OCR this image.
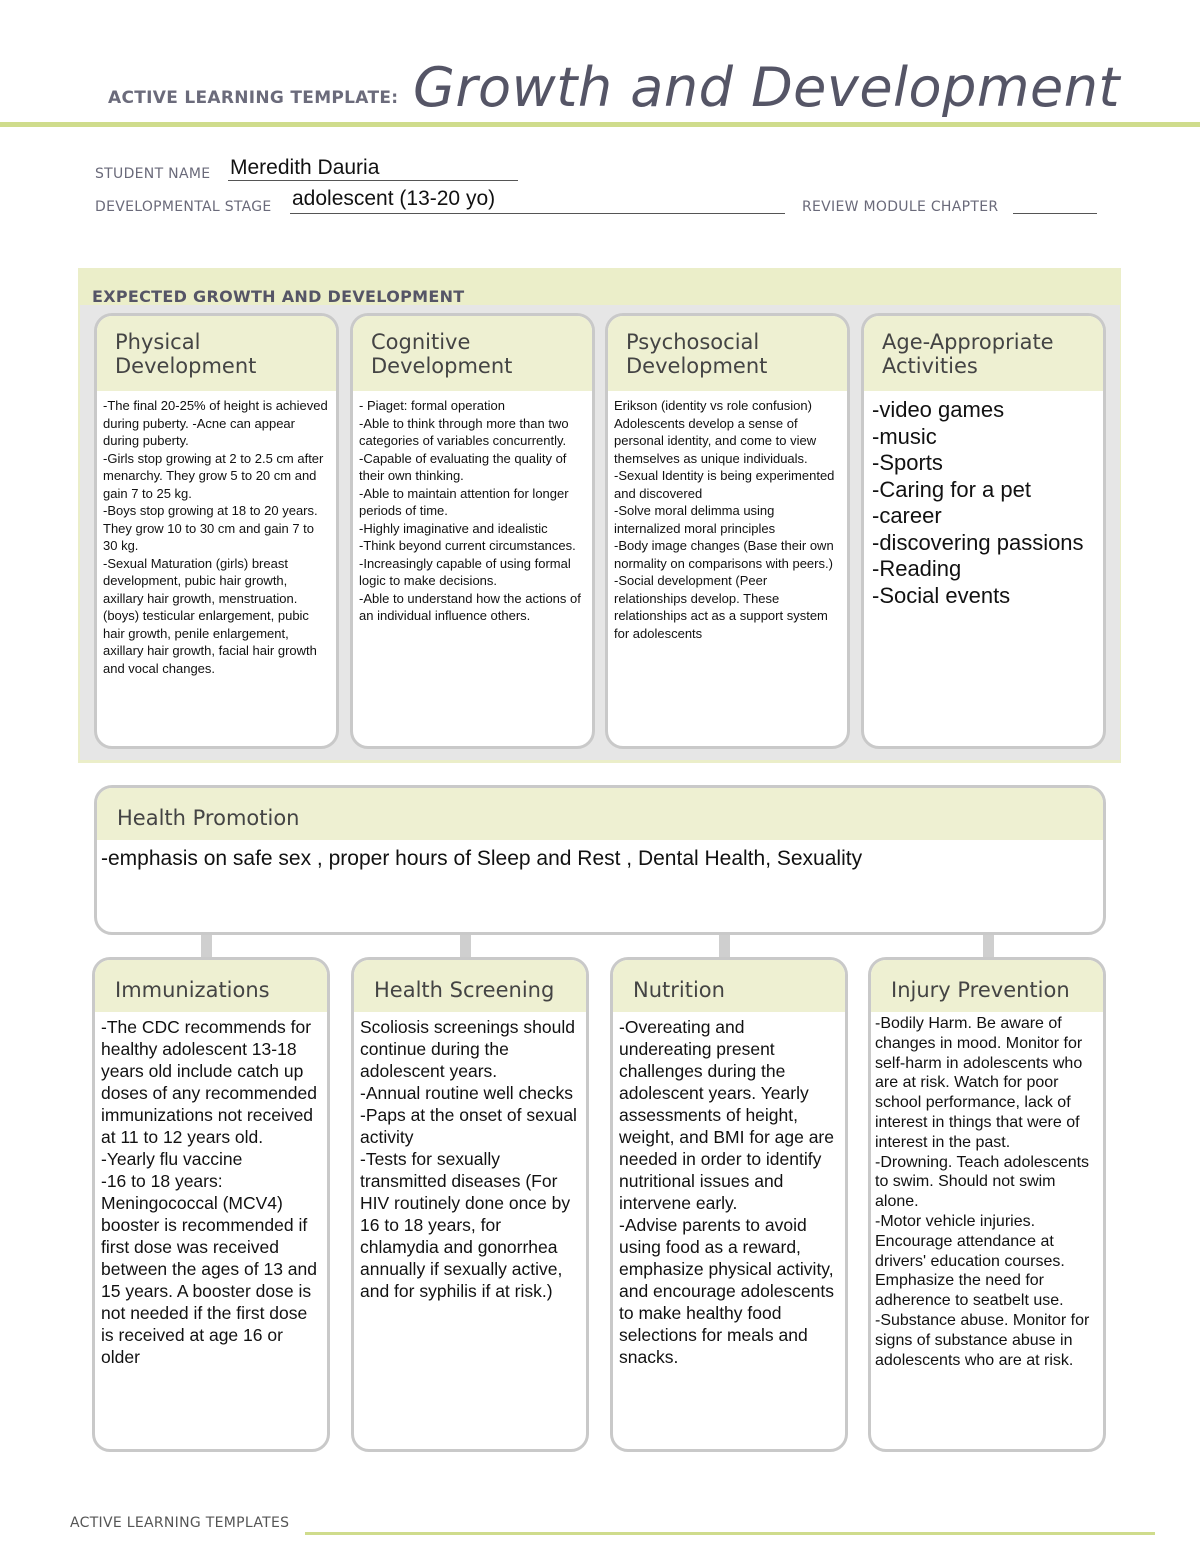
ACTIVE LEARNING TEMPLATE: Growth and Development
STUDENT NAME Meredith Dauria
DEVELOPMENTAL STAGE adolescent (13-20 yo)	REVIEW MODULE CHAPTER
EXPECTED GROWTH AND DEVELOPMENT
Physical
Development
-The final 20-25% of height is achieved during puberty. -Acne can appear during puberty.
-Girls stop growing at 2 to 2.5 cm after menarchy. They grow 5 to 20 cm and gain 7 to 25 kg.
-Boys stop growing at 18 to 20 years. They grow 10 to 30 cm and gain 7 to 30 kg.
-Sexual Maturation (girls) breast development, pubic hair growth, axillary hair growth, menstruation. (boys) testicular enlargement, pubic hair growth, penile enlargement, axillary hair growth, facial hair growth and vocal changes.
Cognitive
Development
- Piaget: formal operation
-Able to think through more than two categories of variables concurrently.
-Capable of evaluating the quality of their own thinking.
-Able to maintain attention for longer periods of time.
-Highly imaginative and idealistic
-Think beyond current circumstances.
-Increasingly capable of using formal logic to make decisions.
-Able to understand how the actions of an individual influence others.
Psychosocial
Development
Erikson (identity vs role confusion) Adolescents develop a sense of personal identity, and come to view themselves as unique individuals.
-Sexual Identity is being experimented and discovered
-Solve moral delimma using internalized moral principles
-Body image changes (Base their own normality on comparisons with peers.)
-Social development (Peer relationships develop. These relationships act as a support system for adolescents
Age-Appropriate
Activities
-video games
-music
-Sports
-Caring for a pet
-career
-discovering passions
-Reading
-Social events
Health Promotion
-emphasis on safe sex , proper hours of Sleep and Rest , Dental Health, Sexuality
Immunizations
-The CDC recommends for healthy adolescent 13-18 years old include catch up doses of any recommended immunizations not received at 11 to 12 years old.
-Yearly flu vaccine
-16 to 18 years: Meningococcal (MCV4) booster is recommended if first dose was received between the ages of 13 and 15 years. A booster dose is not needed if the first dose is received at age 16 or older
Health Screening
Scoliosis screenings should continue during the adolescent years.
-Annual routine well checks
-Paps at the onset of sexual activity
-Tests for sexually transmitted diseases (For HIV routinely done once by 16 to 18 years, for chlamydia and gonorrhea annually if sexually active, and for syphilis if at risk.)
Nutrition
-Overeating and undereating present challenges during the adolescent years. Yearly assessments of height, weight, and BMI for age are needed in order to identify nutritional issues and intervene early.
-Advise parents to avoid using food as a reward, emphasize physical activity, and encourage adolescents to make healthy food selections for meals and snacks.
Injury Prevention
-Bodily Harm. Be aware of changes in mood. Monitor for self-harm in adolescents who are at risk. Watch for poor school performance, lack of interest in things that were of interest in the past.
-Drowning. Teach adolescents to swim. Should not swim alone.
-Motor vehicle injuries. Encourage attendance at drivers' education courses. Emphasize the need for adherence to seatbelt use.
-Substance abuse. Monitor for signs of substance abuse in adolescents who are at risk.
ACTIVE LEARNING TEMPLATES
